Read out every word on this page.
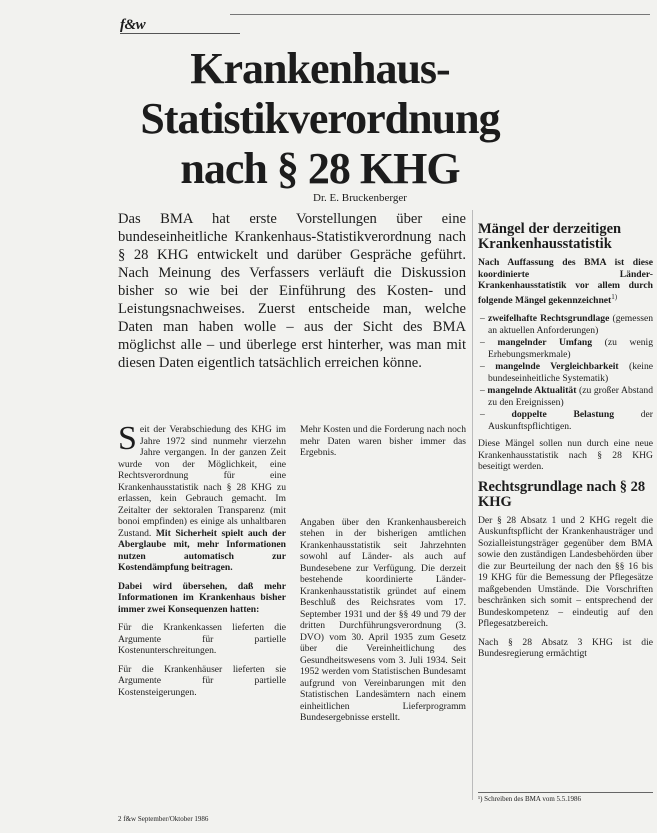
f&w
Krankenhaus-
Statistikverordnung
nach § 28 KHG
Dr. E. Bruckenberger
Das BMA hat erste Vorstellungen über eine bundeseinheitliche Krankenhaus-Statistikverordnung nach § 28 KHG entwickelt und darüber Gespräche geführt. Nach Meinung des Verfassers verläuft die Diskussion bisher so wie bei der Einführung des Kosten- und Leistungsnachweises. Zuerst entscheide man, welche Daten man haben wolle – aus der Sicht des BMA möglichst alle – und überlege erst hinterher, was man mit diesen Daten eigentlich tatsächlich erreichen könne.

Seit der Verabschiedung des KHG im Jahre 1972 sind nunmehr vierzehn Jahre vergangen. In der ganzen Zeit wurde von der Möglichkeit, eine Rechtsverordnung für eine Krankenhausstatistik nach § 28 KHG zu erlassen, kein Gebrauch gemacht. Im Zeitalter der sektoralen Transparenz (mit bonoi empfinden) es einige als unhaltbaren Zustand. Mit Sicherheit spielt auch der Aberglaube mit, mehr Informationen nutzen automatisch zur Kostendämpfung beitragen.

Dabei wird übersehen, daß mehr Informationen im Krankenhaus bisher immer zwei Konsequenzen hatten:

Für die Krankenkassen lieferten die Argumente für partielle Kostenunterschreitungen.

Für die Krankenhäuser lieferten sie Argumente für partielle Kostensteigerungen.

Mehr Kosten und die Forderung nach noch mehr Daten waren bisher immer das Ergebnis.

Angaben über den Krankenhausbereich stehen in der bisherigen amtlichen Krankenhausstatistik seit Jahrzehnten sowohl auf Länder- als auch auf Bundesebene zur Verfügung. Die derzeit bestehende koordinierte Länder-Krankenhausstatistik gründet auf einem Beschluß des Reichsrates vom 17. September 1931 und der §§ 49 und 79 der dritten Durchführungsverordnung (3. DVO) vom 30. April 1935 zum Gesetz über die Vereinheitlichung des Gesundheitswesens vom 3. Juli 1934. Seit 1952 werden vom Statistischen Bundesamt aufgrund von Vereinbarungen mit den Statistischen Landesämtern nach einem einheitlichen Lieferprogramm Bundesergebnisse erstellt.

Mängel der derzeitigen Krankenhausstatistik

Nach Auffassung des BMA ist diese koordinierte Länder-Krankenhausstatistik vor allem durch folgende Mängel gekennzeichnet$^{1)}$

– zweifelhafte Rechtsgrundlage (gemessen an aktuellen Anforderungen)
– mangelnder Umfang (zu wenig Erhebungsmerkmale)
– mangelnde Vergleichbarkeit (keine bundeseinheitliche Systematik)
– mangelnde Aktualität (zu großer Abstand zu den Ereignissen)
– doppelte Belastung der Auskunftspflichtigen.

Diese Mängel sollen nun durch eine neue Krankenhausstatistik nach § 28 KHG beseitigt werden.

Rechtsgrundlage nach § 28 KHG

Der § 28 Absatz 1 und 2 KHG regelt die Auskunftspflicht der Krankenhausträger und Sozialleistungsträger gegenüber dem BMA sowie den zuständigen Landesbehörden über die zur Beurteilung der nach den §§ 16 bis 19 KHG für die Bemessung der Pflegesätze maßgebenden Umstände. Die Vorschriften beschränken sich somit – entsprechend der Bundeskompetenz – eindeutig auf den Pflegesatzbereich.

Nach § 28 Absatz 3 KHG ist die Bundesregierung ermächtigt

¹) Schreiben des BMA vom 5.5.1986
2 f&w September/Oktober 1986
